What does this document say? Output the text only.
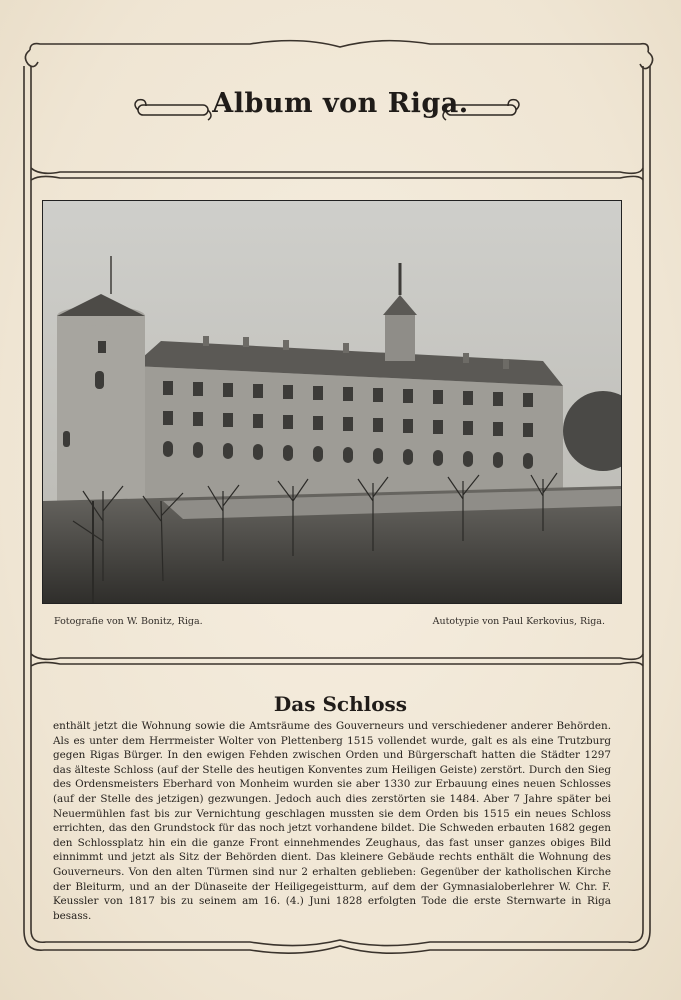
Album von Riga.
Fotografie von W. Bonitz, Riga.	Autotypie von Paul Kerkovius, Riga.
Das Schloss
enthält jetzt die Wohnung sowie die Amtsräume des Gouverneurs und verschiedener anderer Behörden. Als es unter dem Herrmeister Wolter von Plettenberg 1515 vollendet wurde, galt es als eine Trutzburg gegen Rigas Bürger. In den ewigen Fehden zwischen Orden und Bürgerschaft hatten die Städter 1297 das älteste Schloss (auf der Stelle des heutigen Konventes zum Heiligen Geiste) zerstört. Durch den Sieg des Ordensmeisters Eberhard von Monheim wurden sie aber 1330 zur Erbauung eines neuen Schlosses (auf der Stelle des jetzigen) gezwungen. Jedoch auch dies zerstörten sie 1484. Aber 7 Jahre später bei Neuermühlen fast bis zur Vernichtung geschlagen mussten sie dem Orden bis 1515 ein neues Schloss errichten, das den Grundstock für das noch jetzt vorhandene bildet. Die Schweden erbauten 1682 gegen den Schlossplatz hin ein die ganze Front einnehmendes Zeughaus, das fast unser ganzes obiges Bild einnimmt und jetzt als Sitz der Behörden dient. Das kleinere Gebäude rechts enthält die Wohnung des Gouverneurs. Von den alten Türmen sind nur 2 erhalten geblieben: Gegenüber der katholischen Kirche der Bleiturm, und an der Dünaseite der Heiligegeistturm, auf dem der Gymnasialoberlehrer W. Chr. F. Keussler von 1817 bis zu seinem am 16. (4.) Juni 1828 erfolgten Tode die erste Sternwarte in Riga besass.
